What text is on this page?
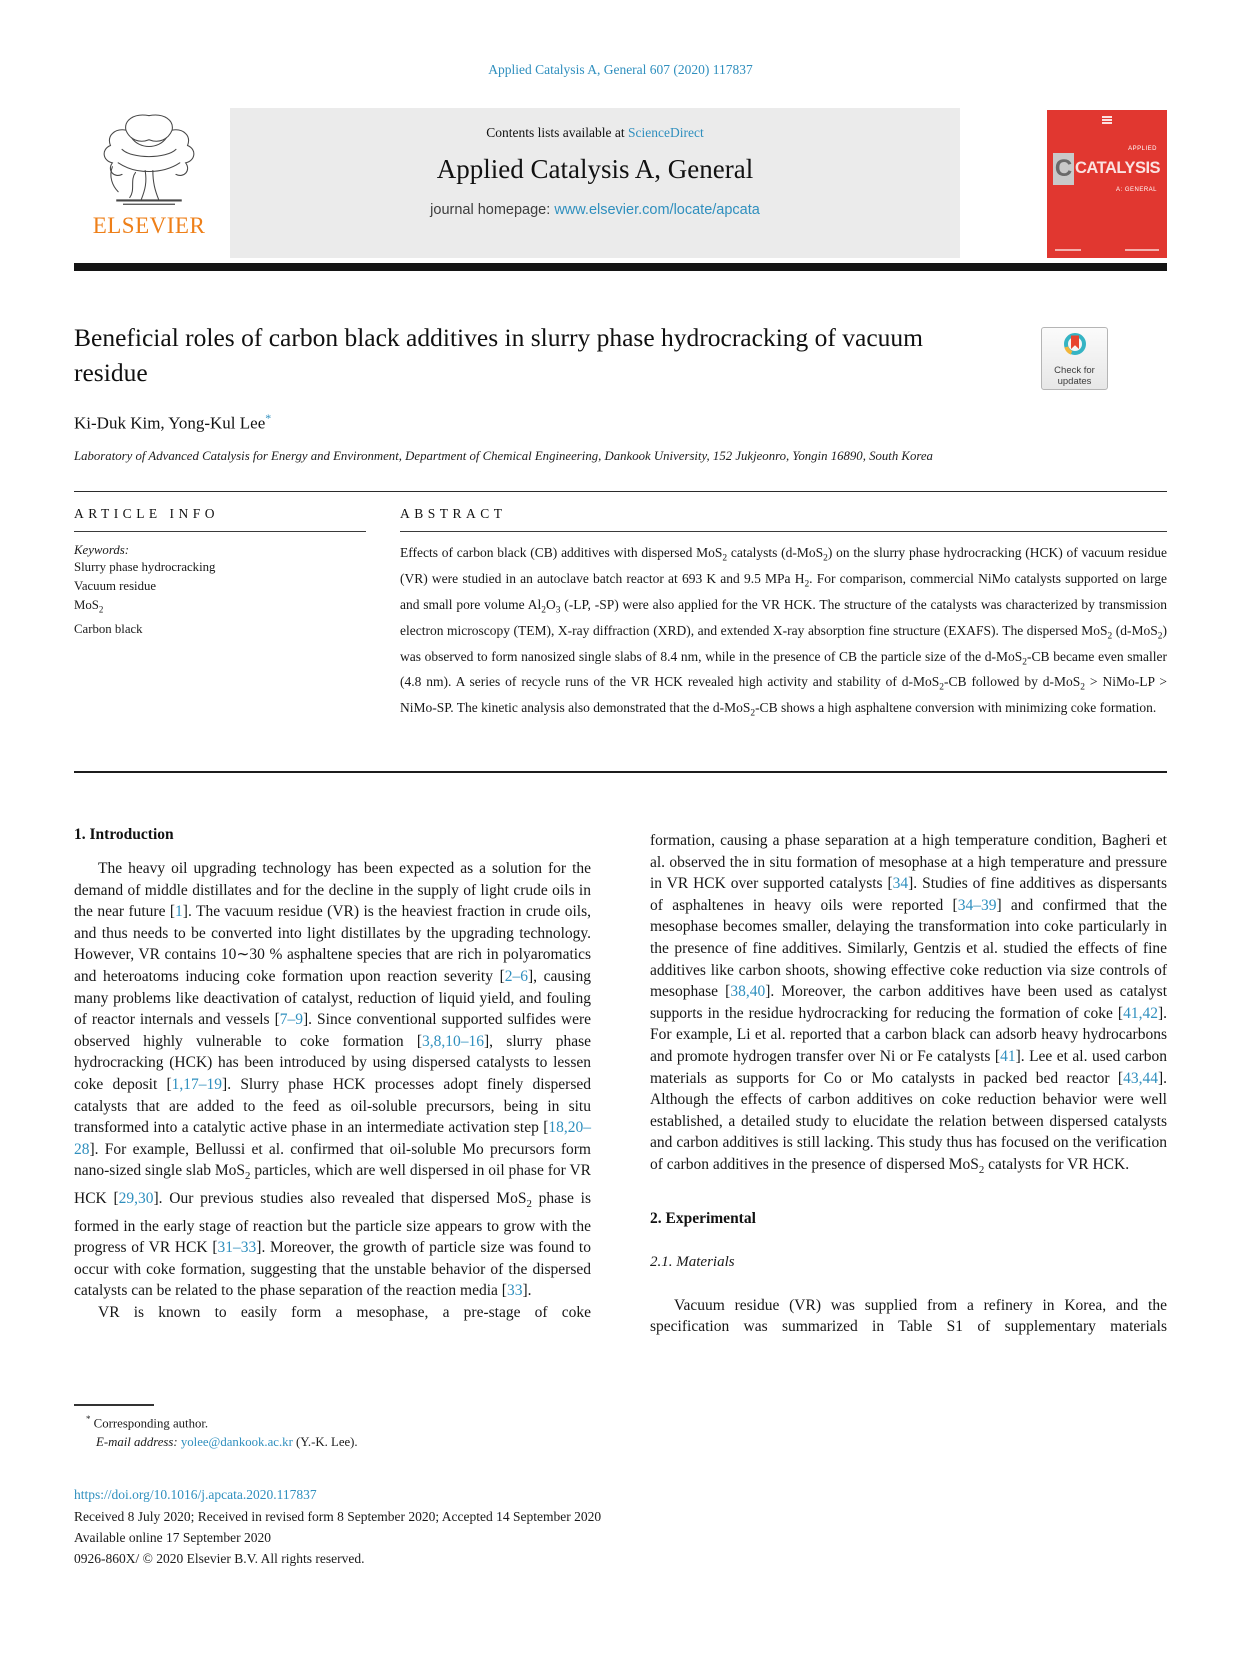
Applied Catalysis A, General 607 (2020) 117837
ELSEVIER
Contents lists available at ScienceDirect
Applied Catalysis A, General
journal homepage: www.elsevier.com/locate/apcata
APPLIED
C CATALYSIS
A: GENERAL
Beneficial roles of carbon black additives in slurry phase hydrocracking of vacuum residue	Check for updates
Ki-Duk Kim, Yong-Kul Lee*
Laboratory of Advanced Catalysis for Energy and Environment, Department of Chemical Engineering, Dankook University, 152 Jukjeonro, Yongin 16890, South Korea
ARTICLE INFO
Keywords:
Slurry phase hydrocracking
Vacuum residue
MoS$_2$
Carbon black
ABSTRACT
Effects of carbon black (CB) additives with dispersed MoS$_2$ catalysts (d-MoS$_2$) on the slurry phase hydrocracking (HCK) of vacuum residue (VR) were studied in an autoclave batch reactor at 693 K and 9.5 MPa $H_2$. For comparison, commercial NiMo catalysts supported on large and small pore volume $Al_2O_3$ (-LP, -SP) were also applied for the VR HCK. The structure of the catalysts was characterized by transmission electron microscopy (TEM), X-ray diffraction (XRD), and extended X-ray absorption fine structure (EXAFS). The dispersed MoS$_2$ (d-MoS$_2$) was observed to form nanosized single slabs of 8.4 nm, while in the presence of CB the particle size of the d-MoS$_2$-CB became even smaller (4.8 nm). A series of recycle runs of the VR HCK revealed high activity and stability of d-MoS$_2$-CB followed by d-MoS$_2$ > NiMo-LP > NiMo-SP. The kinetic analysis also demonstrated that the d-MoS$_2$-CB shows a high asphaltene conversion with minimizing coke formation.
1. Introduction

The heavy oil upgrading technology has been expected as a solution for the demand of middle distillates and for the decline in the supply of light crude oils in the near future [1]. The vacuum residue (VR) is the heaviest fraction in crude oils, and thus needs to be converted into light distillates by the upgrading technology. However, VR contains 10∼30 % asphaltene species that are rich in polyaromatics and heteroatoms inducing coke formation upon reaction severity [2–6], causing many problems like deactivation of catalyst, reduction of liquid yield, and fouling of reactor internals and vessels [7–9]. Since conventional supported sulfides were observed highly vulnerable to coke formation [3,8,10–16], slurry phase hydrocracking (HCK) has been introduced by using dispersed catalysts to lessen coke deposit [1,17–19]. Slurry phase HCK processes adopt finely dispersed catalysts that are added to the feed as oil-soluble precursors, being in situ transformed into a catalytic active phase in an intermediate activation step [18,20–28]. For example, Bellussi et al. confirmed that oil-soluble Mo precursors form nano-sized single slab MoS$_2$ particles, which are well dispersed in oil phase for VR HCK [29,30]. Our previous studies also revealed that dispersed MoS$_2$ phase is formed in the early stage of reaction but the particle size appears to grow with the progress of VR HCK [31–33]. Moreover, the growth of particle size was found to occur with coke formation, suggesting that the unstable behavior of the dispersed catalysts can be related to the phase separation of the reaction media [33].

VR is known to easily form a mesophase, a pre-stage of coke

formation, causing a phase separation at a high temperature condition, Bagheri et al. observed the in situ formation of mesophase at a high temperature and pressure in VR HCK over supported catalysts [34]. Studies of fine additives as dispersants of asphaltenes in heavy oils were reported [34–39] and confirmed that the mesophase becomes smaller, delaying the transformation into coke particularly in the presence of fine additives. Similarly, Gentzis et al. studied the effects of fine additives like carbon shoots, showing effective coke reduction via size controls of mesophase [38,40]. Moreover, the carbon additives have been used as catalyst supports in the residue hydrocracking for reducing the formation of coke [41,42]. For example, Li et al. reported that a carbon black can adsorb heavy hydrocarbons and promote hydrogen transfer over Ni or Fe catalysts [41]. Lee et al. used carbon materials as supports for Co or Mo catalysts in packed bed reactor [43,44]. Although the effects of carbon additives on coke reduction behavior were well established, a detailed study to elucidate the relation between dispersed catalysts and carbon additives is still lacking. This study thus has focused on the verification of carbon additives in the presence of dispersed MoS$_2$ catalysts for VR HCK.

2. Experimental
2.1. Materials

Vacuum residue (VR) was supplied from a refinery in Korea, and the specification was summarized in Table S1 of supplementary materials

* Corresponding author.
E-mail address: yolee@dankook.ac.kr (Y.-K. Lee).
https://doi.org/10.1016/j.apcata.2020.117837
Received 8 July 2020; Received in revised form 8 September 2020; Accepted 14 September 2020
Available online 17 September 2020
0926-860X/ © 2020 Elsevier B.V. All rights reserved.
